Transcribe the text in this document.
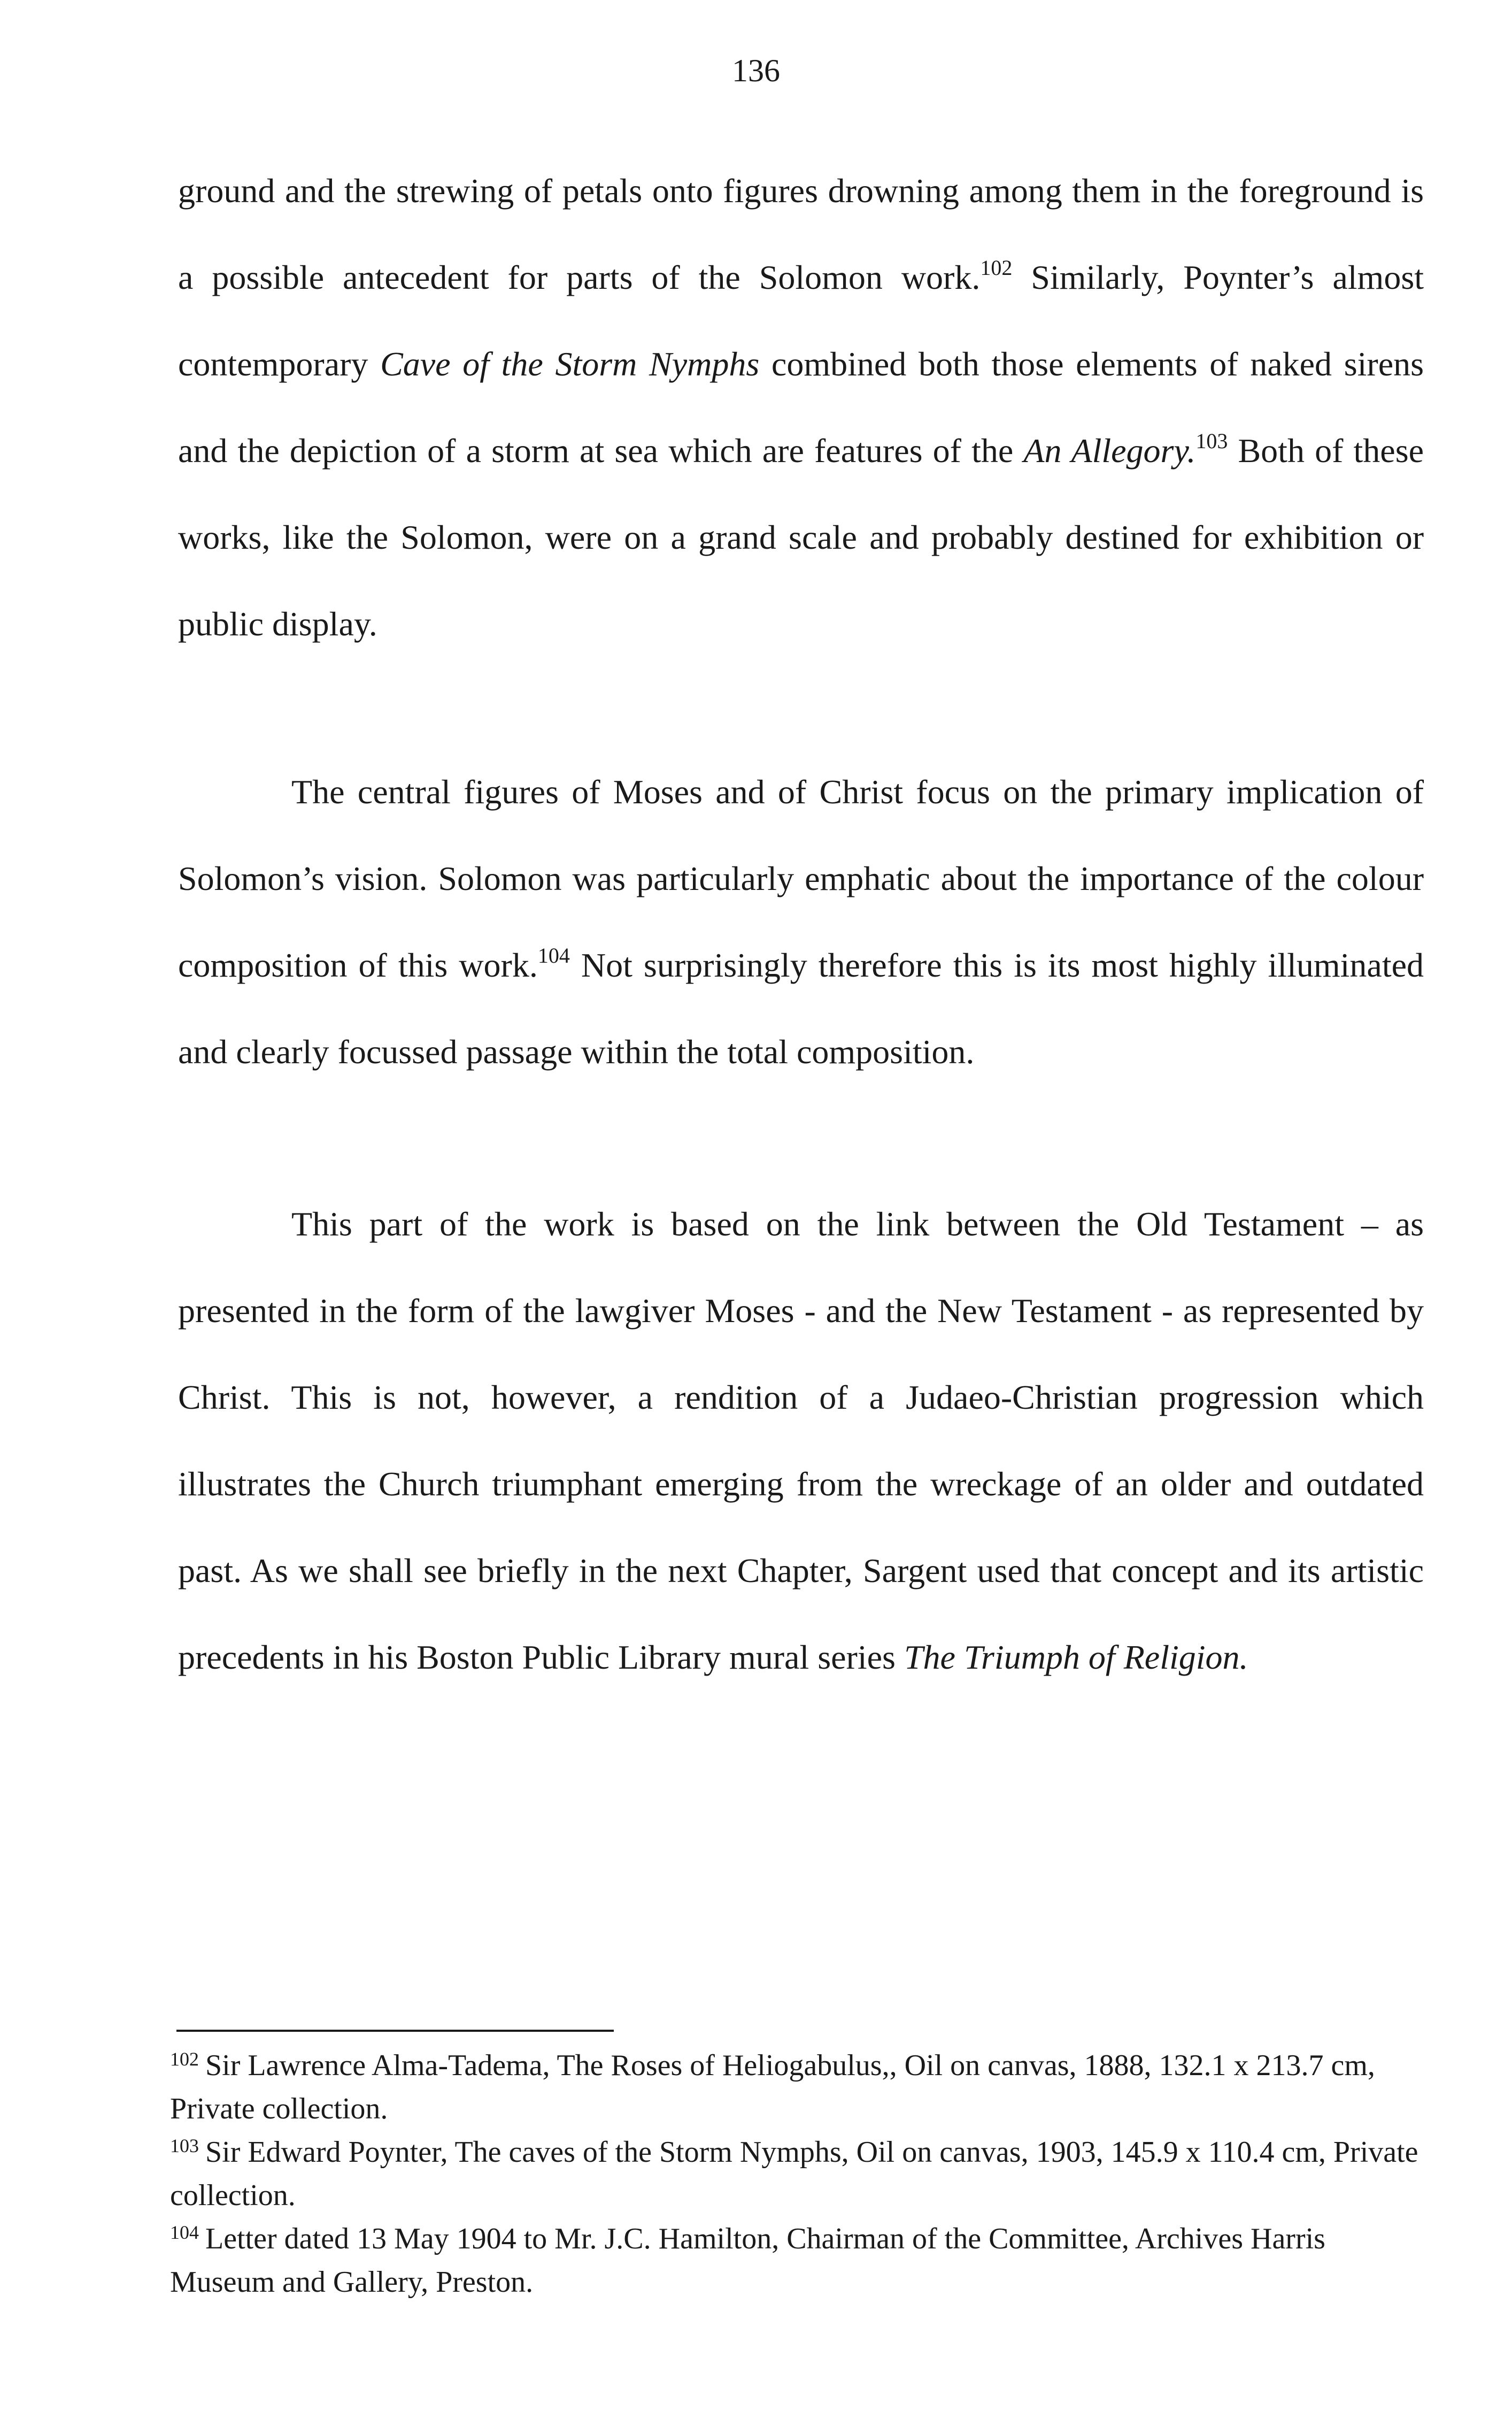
136

ground and the strewing of petals onto figures drowning among them in the foreground is a possible antecedent for parts of the Solomon work.$^{102}$ Similarly, Poynter’s almost contemporary Cave of the Storm Nymphs combined both those elements of naked sirens and the depiction of a storm at sea which are features of the An Allegory.$^{103}$ Both of these works, like the Solomon, were on a grand scale and probably destined for exhibition or public display.

The central figures of Moses and of Christ focus on the primary implication of Solomon’s vision. Solomon was particularly emphatic about the importance of the colour composition of this work.$^{104}$ Not surprisingly therefore this is its most highly illuminated and clearly focussed passage within the total composition.

This part of the work is based on the link between the Old Testament – as presented in the form of the lawgiver Moses - and the New Testament - as represented by Christ. This is not, however, a rendition of a Judaeo-Christian progression which illustrates the Church triumphant emerging from the wreckage of an older and outdated past. As we shall see briefly in the next Chapter, Sargent used that concept and its artistic precedents in his Boston Public Library mural series The Triumph of Religion.

$^{102}$ Sir Lawrence Alma-Tadema, The Roses of Heliogabulus,, Oil on canvas, 1888, 132.1 x 213.7 cm, Private collection.

$^{103}$ Sir Edward Poynter, The caves of the Storm Nymphs, Oil on canvas, 1903, 145.9 x 110.4 cm, Private collection.

$^{104}$ Letter dated 13 May 1904 to Mr. J.C. Hamilton, Chairman of the Committee, Archives Harris Museum and Gallery, Preston.
